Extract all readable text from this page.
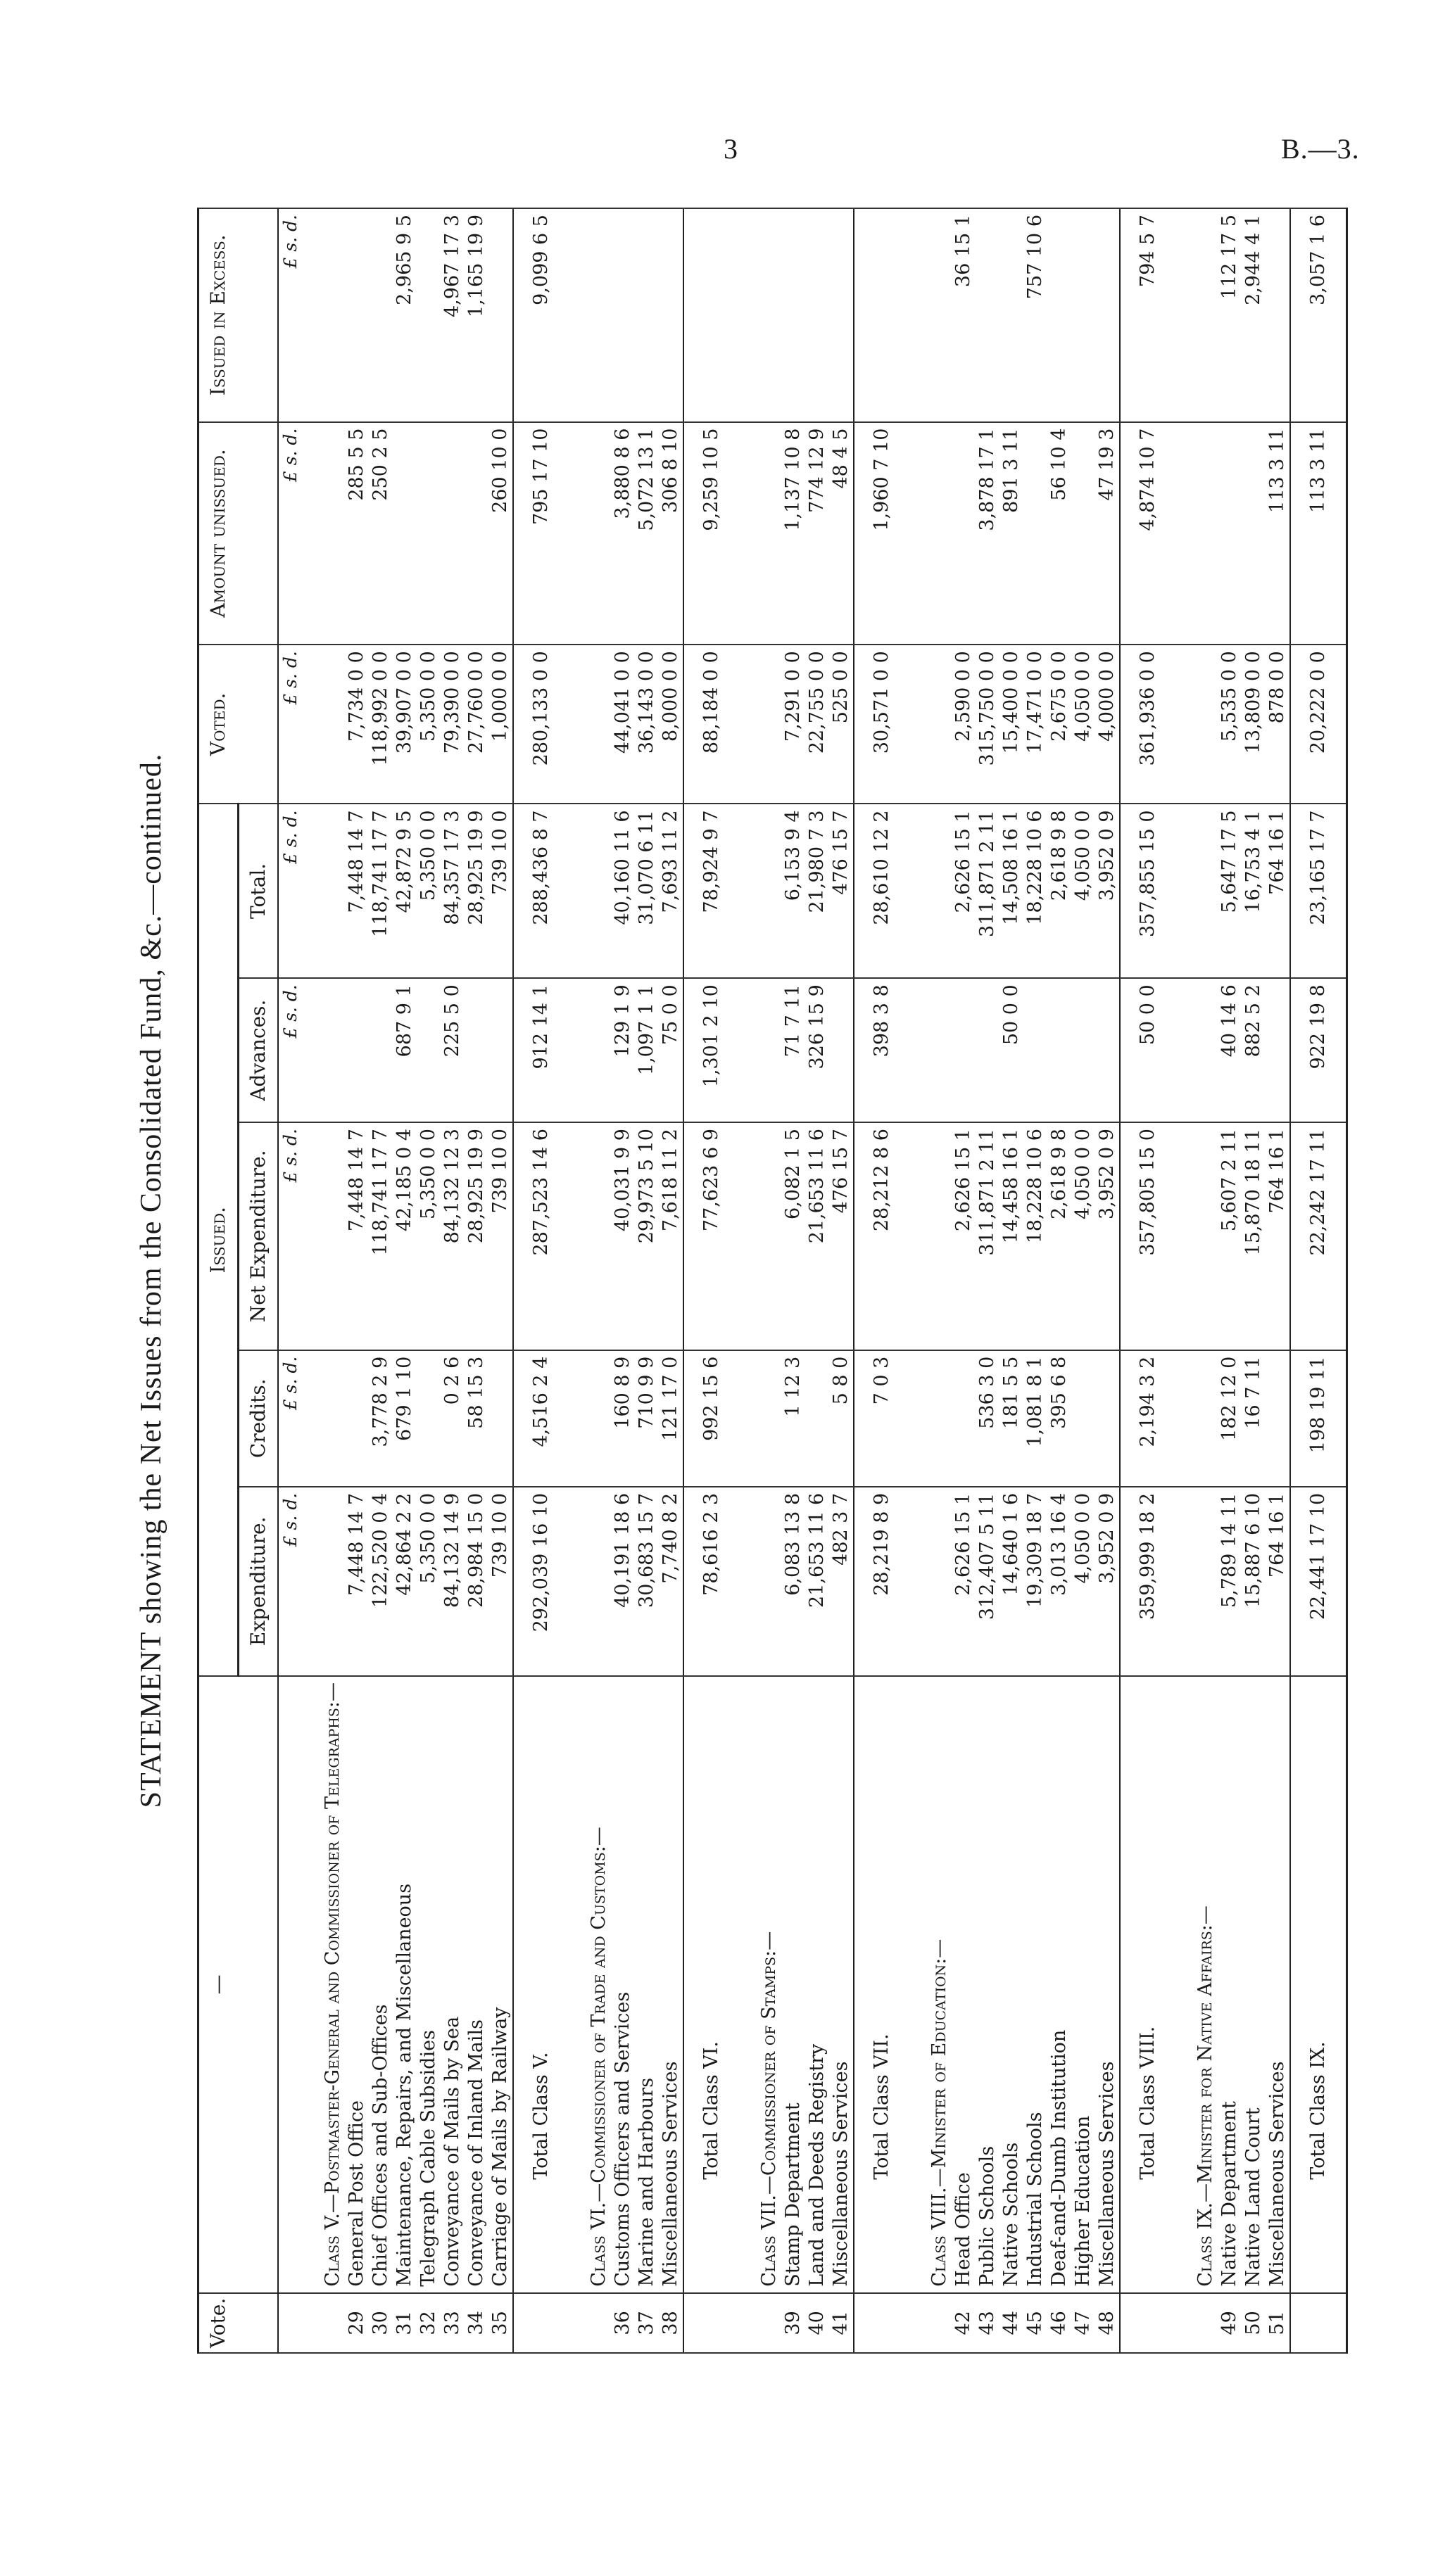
3	B.—3.
STATEMENT showing the Net Issues from the Consolidated Fund, &c.—continued.
Vote.	—	Issued.					Voted.	Amount unissued.	Issued in Excess.
		Expenditure.	Credits.	Net Expenditure.	Advances.	Total.			
		£ s. d.	£ s. d.	£ s. d.	£ s. d.	£ s. d.	£ s. d.	£ s. d.	£ s. d.
	Class V.—Postmaster-General and Commissioner of Telegraphs:—								
29	General Post Office	7,448 14 7		7,448 14 7		7,448 14 7	7,734 0 0	285 5 5	
30	Chief Offices and Sub-Offices	122,520 0 4	3,778 2 9	118,741 17 7		118,741 17 7	118,992 0 0	250 2 5	
31	Maintenance, Repairs, and Miscellaneous	42,864 2 2	679 1 10	42,185 0 4	687 9 1	42,872 9 5	39,907 0 0		2,965 9 5
32	Telegraph Cable Subsidies	5,350 0 0		5,350 0 0		5,350 0 0	5,350 0 0		
33	Conveyance of Mails by Sea	84,132 14 9	0 2 6	84,132 12 3	225 5 0	84,357 17 3	79,390 0 0		4,967 17 3
34	Conveyance of Inland Mails	28,984 15 0	58 15 3	28,925 19 9		28,925 19 9	27,760 0 0		1,165 19 9
35	Carriage of Mails by Railway	739 10 0		739 10 0		739 10 0	1,000 0 0	260 10 0	
	Total Class V.	292,039 16 10	4,516 2 4	287,523 14 6	912 14 1	288,436 8 7	280,133 0 0	795 17 10	9,099 6 5
	Class VI.—Commissioner of Trade and Customs:—								
36	Customs Officers and Services	40,191 18 6	160 8 9	40,031 9 9	129 1 9	40,160 11 6	44,041 0 0	3,880 8 6	
37	Marine and Harbours	30,683 15 7	710 9 9	29,973 5 10	1,097 1 1	31,070 6 11	36,143 0 0	5,072 13 1	
38	Miscellaneous Services	7,740 8 2	121 17 0	7,618 11 2	75 0 0	7,693 11 2	8,000 0 0	306 8 10	
	Total Class VI.	78,616 2 3	992 15 6	77,623 6 9	1,301 2 10	78,924 9 7	88,184 0 0	9,259 10 5	
	Class VII.—Commissioner of Stamps:—								
39	Stamp Department	6,083 13 8	1 12 3	6,082 1 5	71 7 11	6,153 9 4	7,291 0 0	1,137 10 8	
40	Land and Deeds Registry	21,653 11 6		21,653 11 6	326 15 9	21,980 7 3	22,755 0 0	774 12 9	
41	Miscellaneous Services	482 3 7	5 8 0	476 15 7		476 15 7	525 0 0	48 4 5	
	Total Class VII.	28,219 8 9	7 0 3	28,212 8 6	398 3 8	28,610 12 2	30,571 0 0	1,960 7 10	
	Class VIII.—Minister of Education:—								
42	Head Office	2,626 15 1		2,626 15 1		2,626 15 1	2,590 0 0		36 15 1
43	Public Schools	312,407 5 11	536 3 0	311,871 2 11		311,871 2 11	315,750 0 0	3,878 17 1	
44	Native Schools	14,640 1 6	181 5 5	14,458 16 1	50 0 0	14,508 16 1	15,400 0 0	891 3 11	
45	Industrial Schools	19,309 18 7	1,081 8 1	18,228 10 6		18,228 10 6	17,471 0 0		757 10 6
46	Deaf-and-Dumb Institution	3,013 16 4	395 6 8	2,618 9 8		2,618 9 8	2,675 0 0	56 10 4	
47	Higher Education	4,050 0 0		4,050 0 0		4,050 0 0	4,050 0 0		
48	Miscellaneous Services	3,952 0 9		3,952 0 9		3,952 0 9	4,000 0 0	47 19 3	
	Total Class VIII.	359,999 18 2	2,194 3 2	357,805 15 0	50 0 0	357,855 15 0	361,936 0 0	4,874 10 7	794 5 7
	Class IX.—Minister for Native Affairs:—								
49	Native Department	5,789 14 11	182 12 0	5,607 2 11	40 14 6	5,647 17 5	5,535 0 0		112 17 5
50	Native Land Court	15,887 6 10	16 7 11	15,870 18 11	882 5 2	16,753 4 1	13,809 0 0		2,944 4 1
51	Miscellaneous Services	764 16 1		764 16 1		764 16 1	878 0 0	113 3 11	
	Total Class IX.	22,441 17 10	198 19 11	22,242 17 11	922 19 8	23,165 17 7	20,222 0 0	113 3 11	3,057 1 6
